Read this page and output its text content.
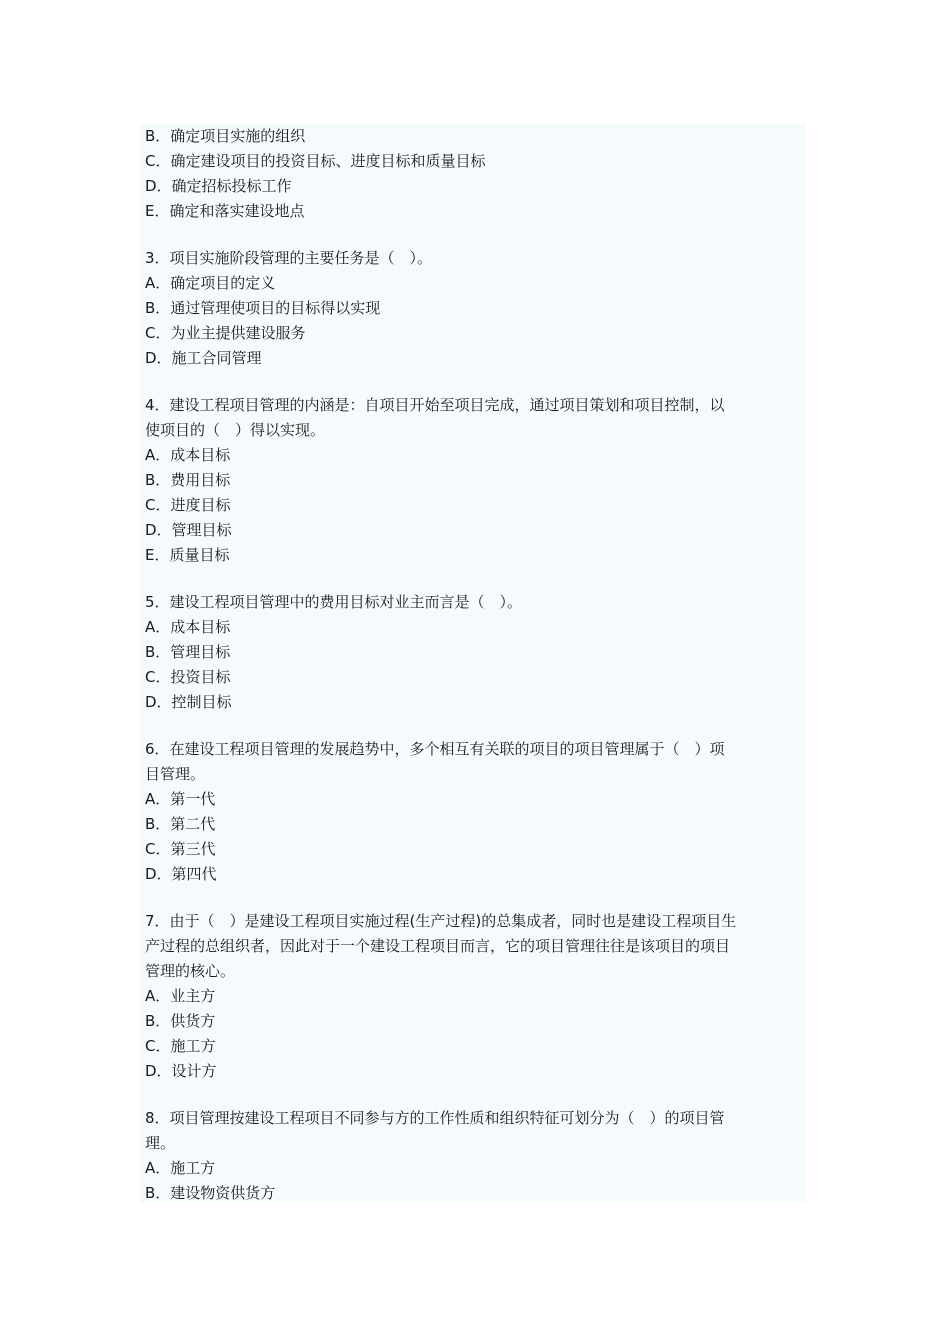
B．确定项目实施的组织

C．确定建设项目的投资目标、进度目标和质量目标

D．确定招标投标工作

E．确定和落实建设地点

3．项目实施阶段管理的主要任务是（　）。

A．确定项目的定义

B．通过管理使项目的目标得以实现

C．为业主提供建设服务

D．施工合同管理

4．建设工程项目管理的内涵是：自项目开始至项目完成，通过项目策划和项目控制，以

使项目的（　）得以实现。

A．成本目标

B．费用目标

C．进度目标

D．管理目标

E．质量目标

5．建设工程项目管理中的费用目标对业主而言是（　）。

A．成本目标

B．管理目标

C．投资目标

D．控制目标

6．在建设工程项目管理的发展趋势中，多个相互有关联的项目的项目管理属于（　）项

目管理。

A．第一代

B．第二代

C．第三代

D．第四代

7．由于（　）是建设工程项目实施过程(生产过程)的总集成者，同时也是建设工程项目生

产过程的总组织者，因此对于一个建设工程项目而言，它的项目管理往往是该项目的项目

管理的核心。

A．业主方

B．供货方

C．施工方

D．设计方

8．项目管理按建设工程项目不同参与方的工作性质和组织特征可划分为（　）的项目管

理。

A．施工方

B．建设物资供货方
